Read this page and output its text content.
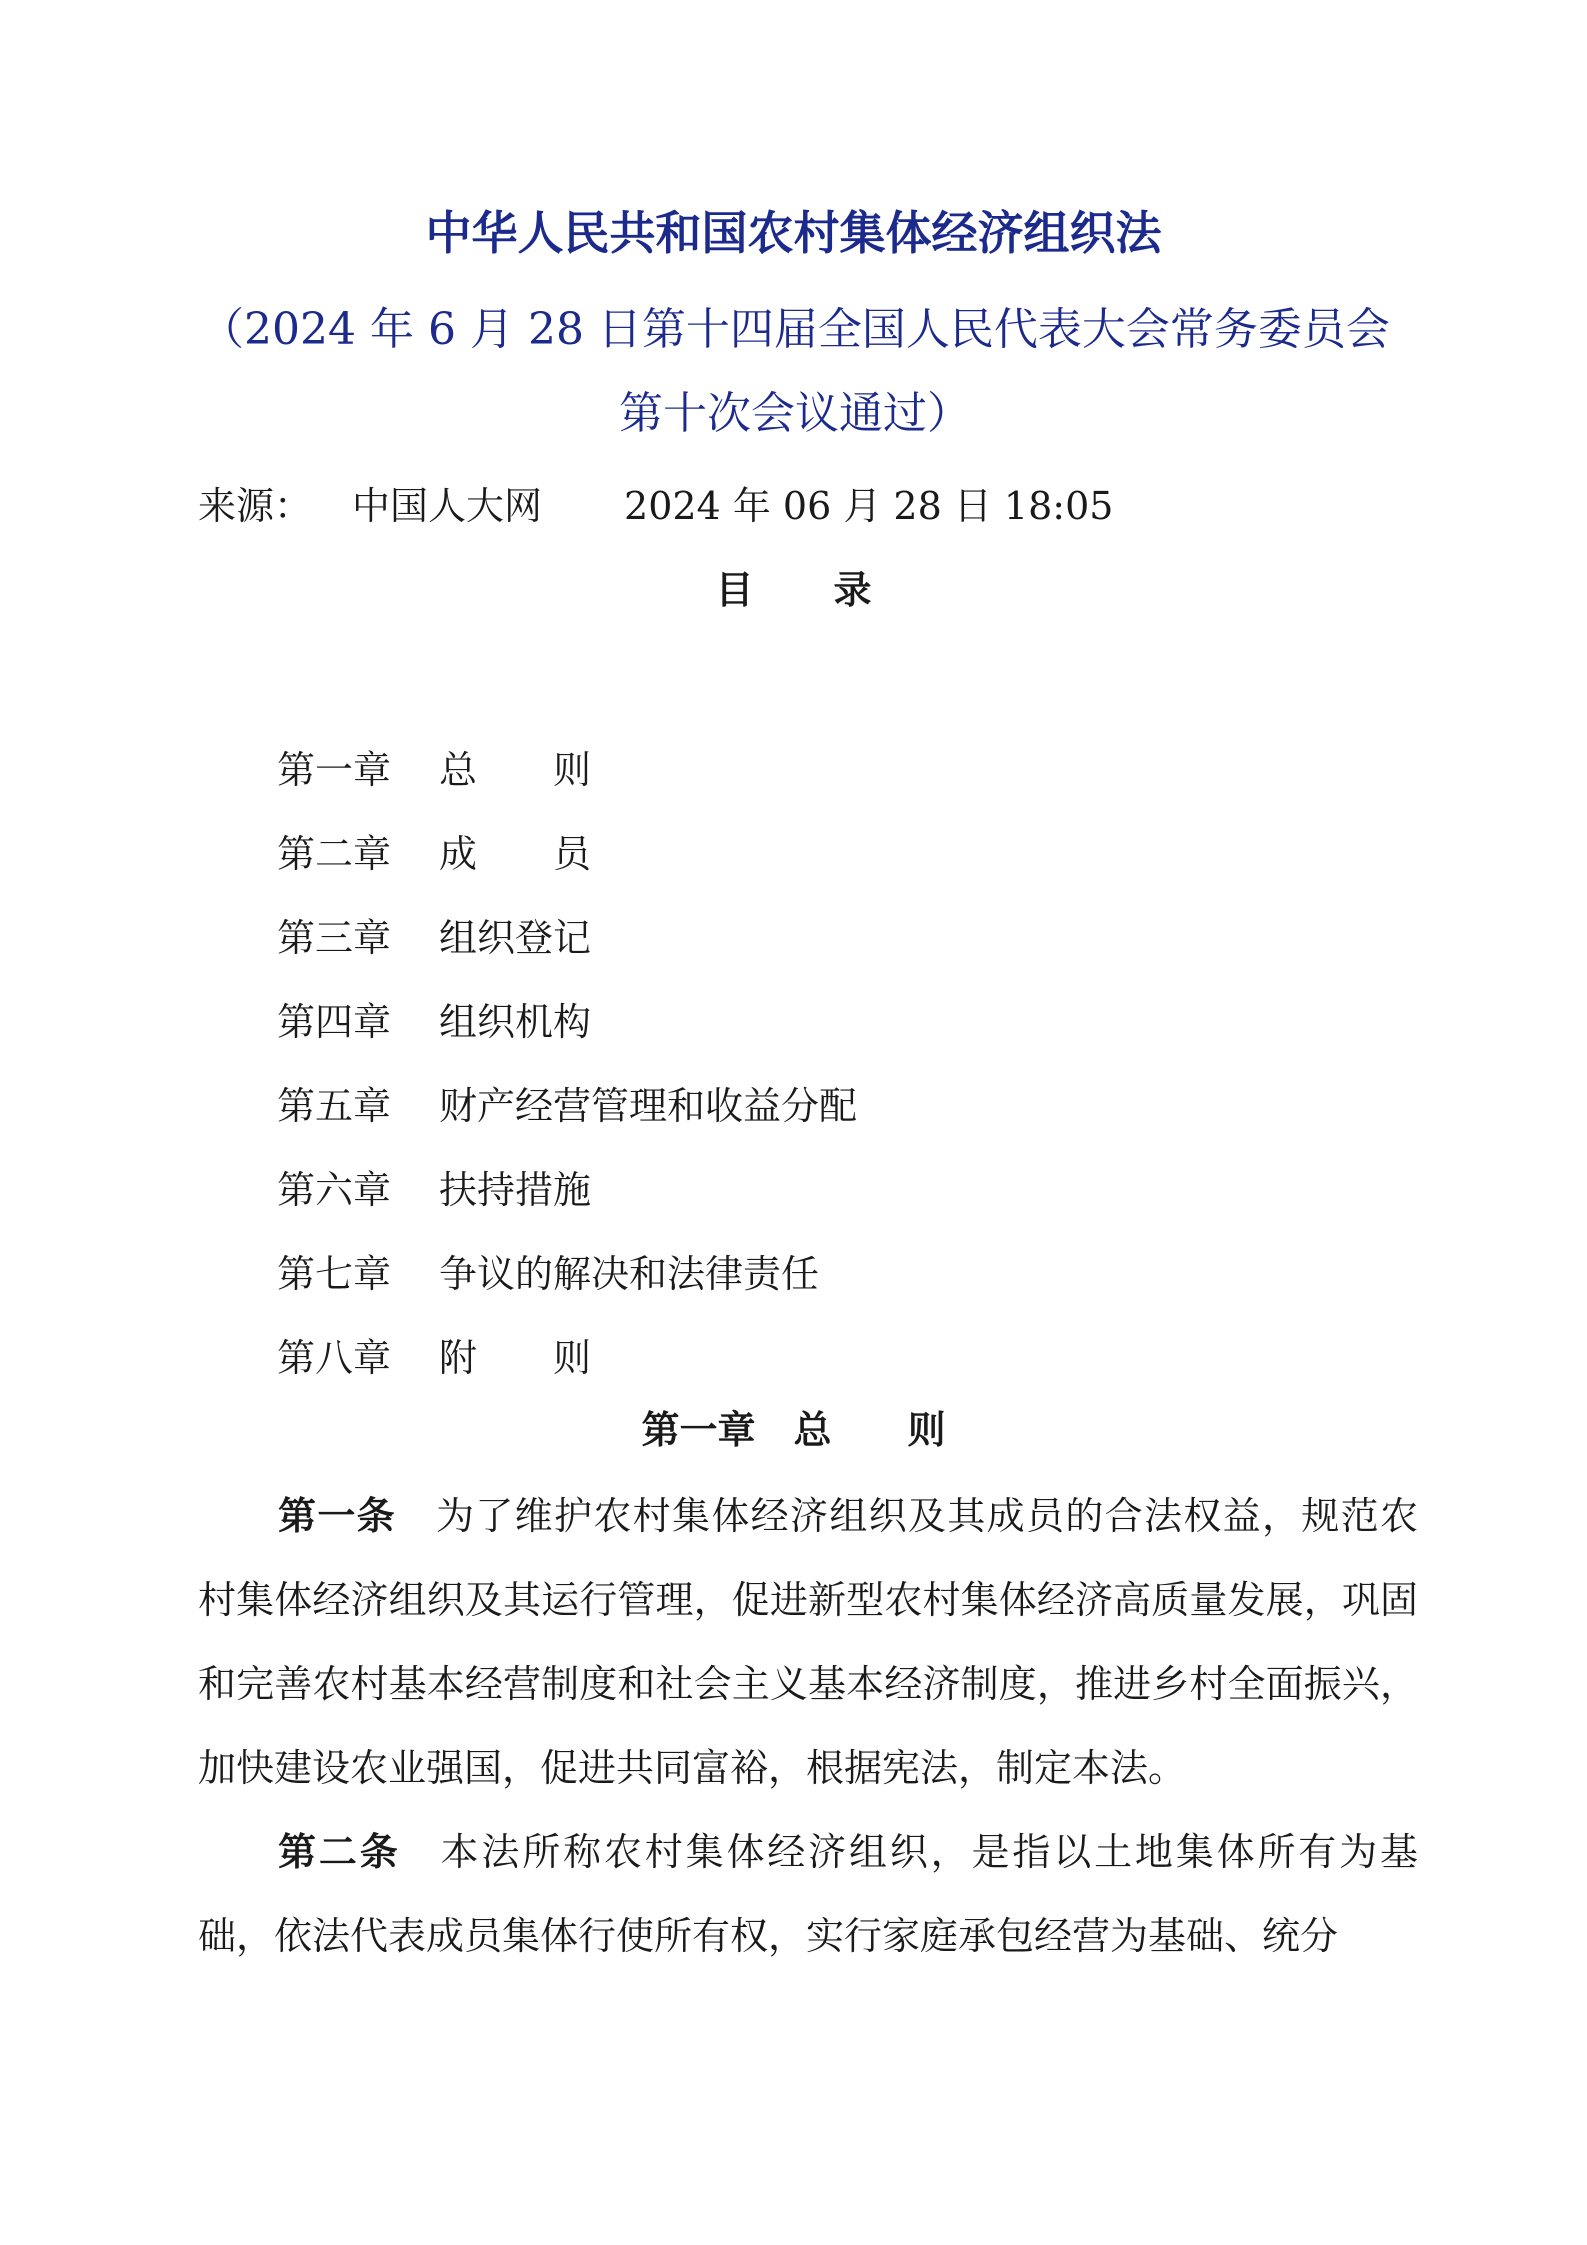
中华人民共和国农村集体经济组织法
（2024 年 6 月 28 日第十四届全国人民代表大会常务委员会第十次会议通过）
来源： 中国人大网 2024 年 06 月 28 日 18:05
目录
第一章 总　　则
第二章 成　　员
第三章 组织登记
第四章 组织机构
第五章 财产经营管理和收益分配
第六章 扶持措施
第七章 争议的解决和法律责任
第八章 附　　则
第一章　总　　则

第一条 为了维护农村集体经济组织及其成员的合法权益，规范农村集体经济组织及其运行管理，促进新型农村集体经济高质量发展，巩固和完善农村基本经营制度和社会主义基本经济制度，推进乡村全面振兴，加快建设农业强国，促进共同富裕，根据宪法，制定本法。

第二条 本法所称农村集体经济组织，是指以土地集体所有为基础，依法代表成员集体行使所有权，实行家庭承包经营为基础、统分
